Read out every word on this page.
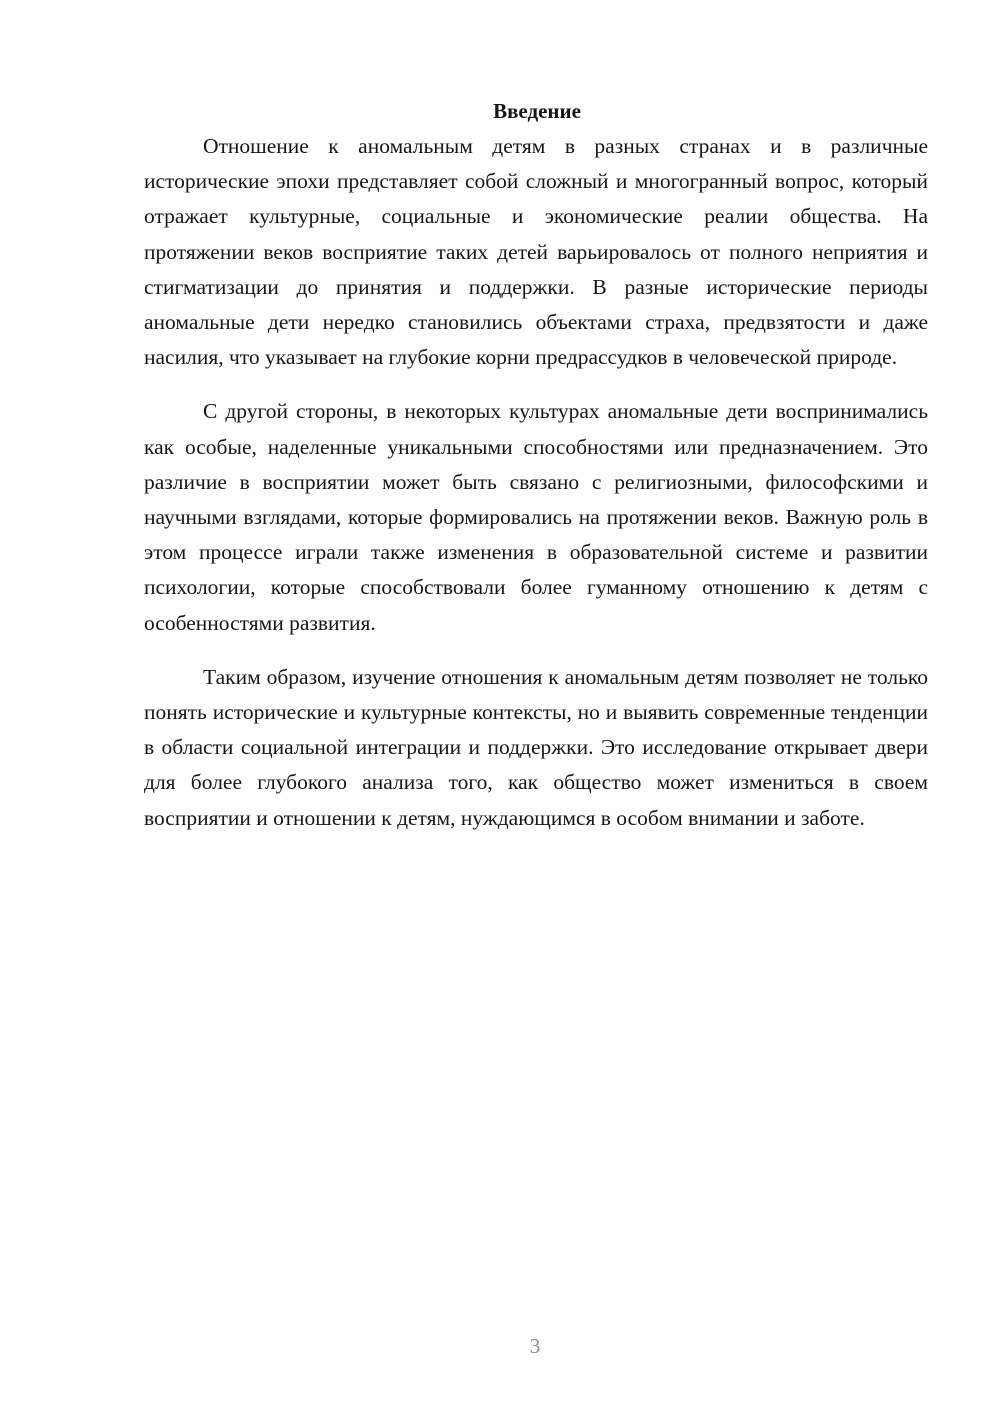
Введение

Отношение к аномальным детям в разных странах и в различные исторические эпохи представляет собой сложный и многогранный вопрос, который отражает культурные, социальные и экономические реалии общества. На протяжении веков восприятие таких детей варьировалось от полного неприятия и стигматизации до принятия и поддержки. В разные исторические периоды аномальные дети нередко становились объектами страха, предвзятости и даже насилия, что указывает на глубокие корни предрассудков в человеческой природе.

С другой стороны, в некоторых культурах аномальные дети воспринимались как особые, наделенные уникальными способностями или предназначением. Это различие в восприятии может быть связано с религиозными, философскими и научными взглядами, которые формировались на протяжении веков. Важную роль в этом процессе играли также изменения в образовательной системе и развитии психологии, которые способствовали более гуманному отношению к детям с особенностями развития.

Таким образом, изучение отношения к аномальным детям позволяет не только понять исторические и культурные контексты, но и выявить современные тенденции в области социальной интеграции и поддержки. Это исследование открывает двери для более глубокого анализа того, как общество может измениться в своем восприятии и отношении к детям, нуждающимся в особом внимании и заботе.

3
